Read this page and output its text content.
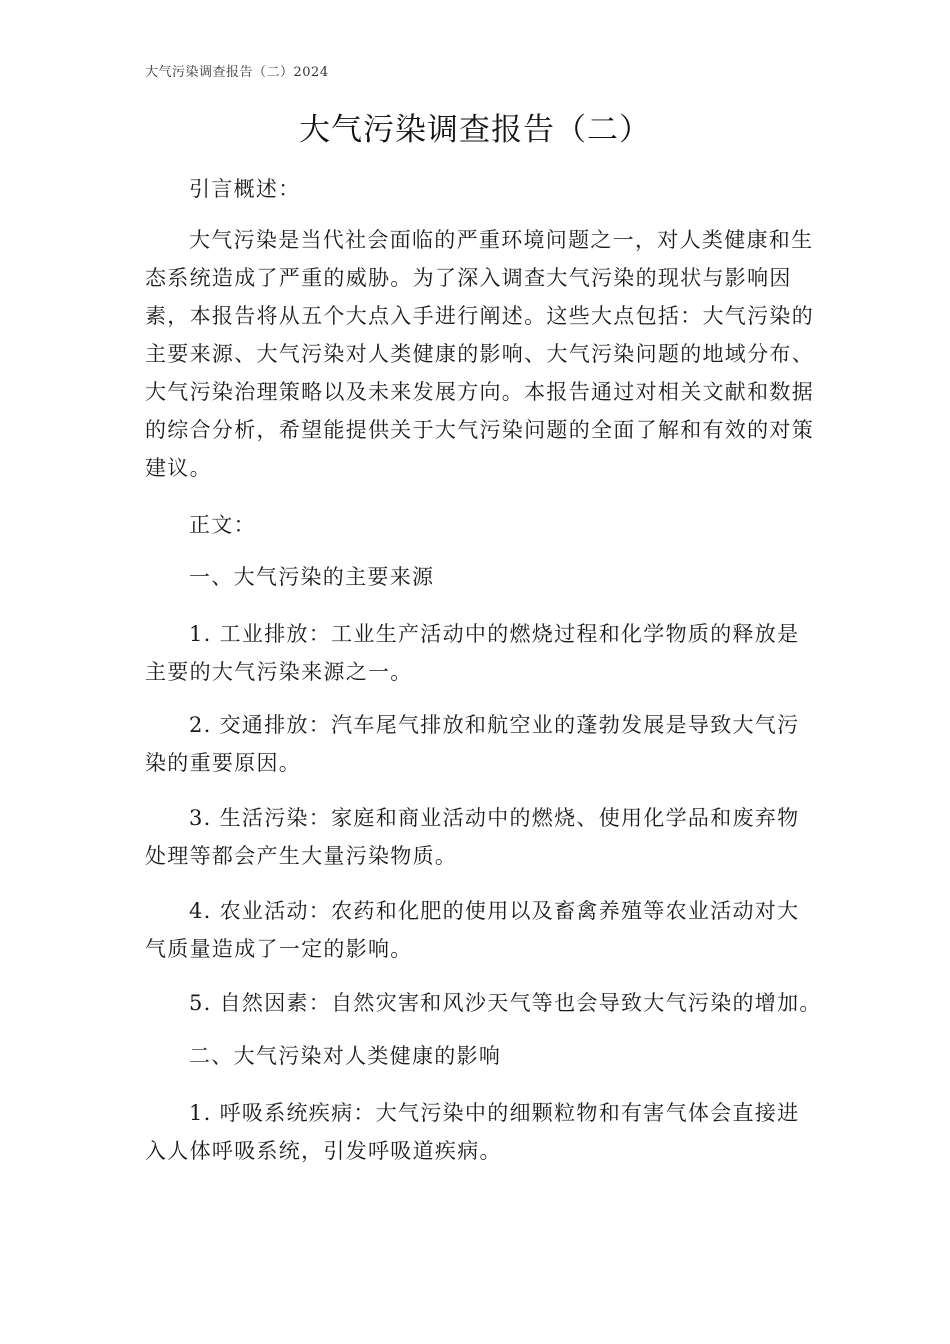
大气污染调查报告（二）2024
大气污染调查报告（二）

引言概述：

大气污染是当代社会面临的严重环境问题之一，对人类健康和生态系统造成了严重的威胁。为了深入调查大气污染的现状与影响因素，本报告将从五个大点入手进行阐述。这些大点包括：大气污染的主要来源、大气污染对人类健康的影响、大气污染问题的地域分布、大气污染治理策略以及未来发展方向。本报告通过对相关文献和数据的综合分析，希望能提供关于大气污染问题的全面了解和有效的对策建议。

正文：

一、大气污染的主要来源

1. 工业排放：工业生产活动中的燃烧过程和化学物质的释放是主要的大气污染来源之一。

2. 交通排放：汽车尾气排放和航空业的蓬勃发展是导致大气污染的重要原因。

3. 生活污染：家庭和商业活动中的燃烧、使用化学品和废弃物处理等都会产生大量污染物质。

4. 农业活动：农药和化肥的使用以及畜禽养殖等农业活动对大气质量造成了一定的影响。

5. 自然因素：自然灾害和风沙天气等也会导致大气污染的增加。

二、大气污染对人类健康的影响

1. 呼吸系统疾病：大气污染中的细颗粒物和有害气体会直接进入人体呼吸系统，引发呼吸道疾病。
